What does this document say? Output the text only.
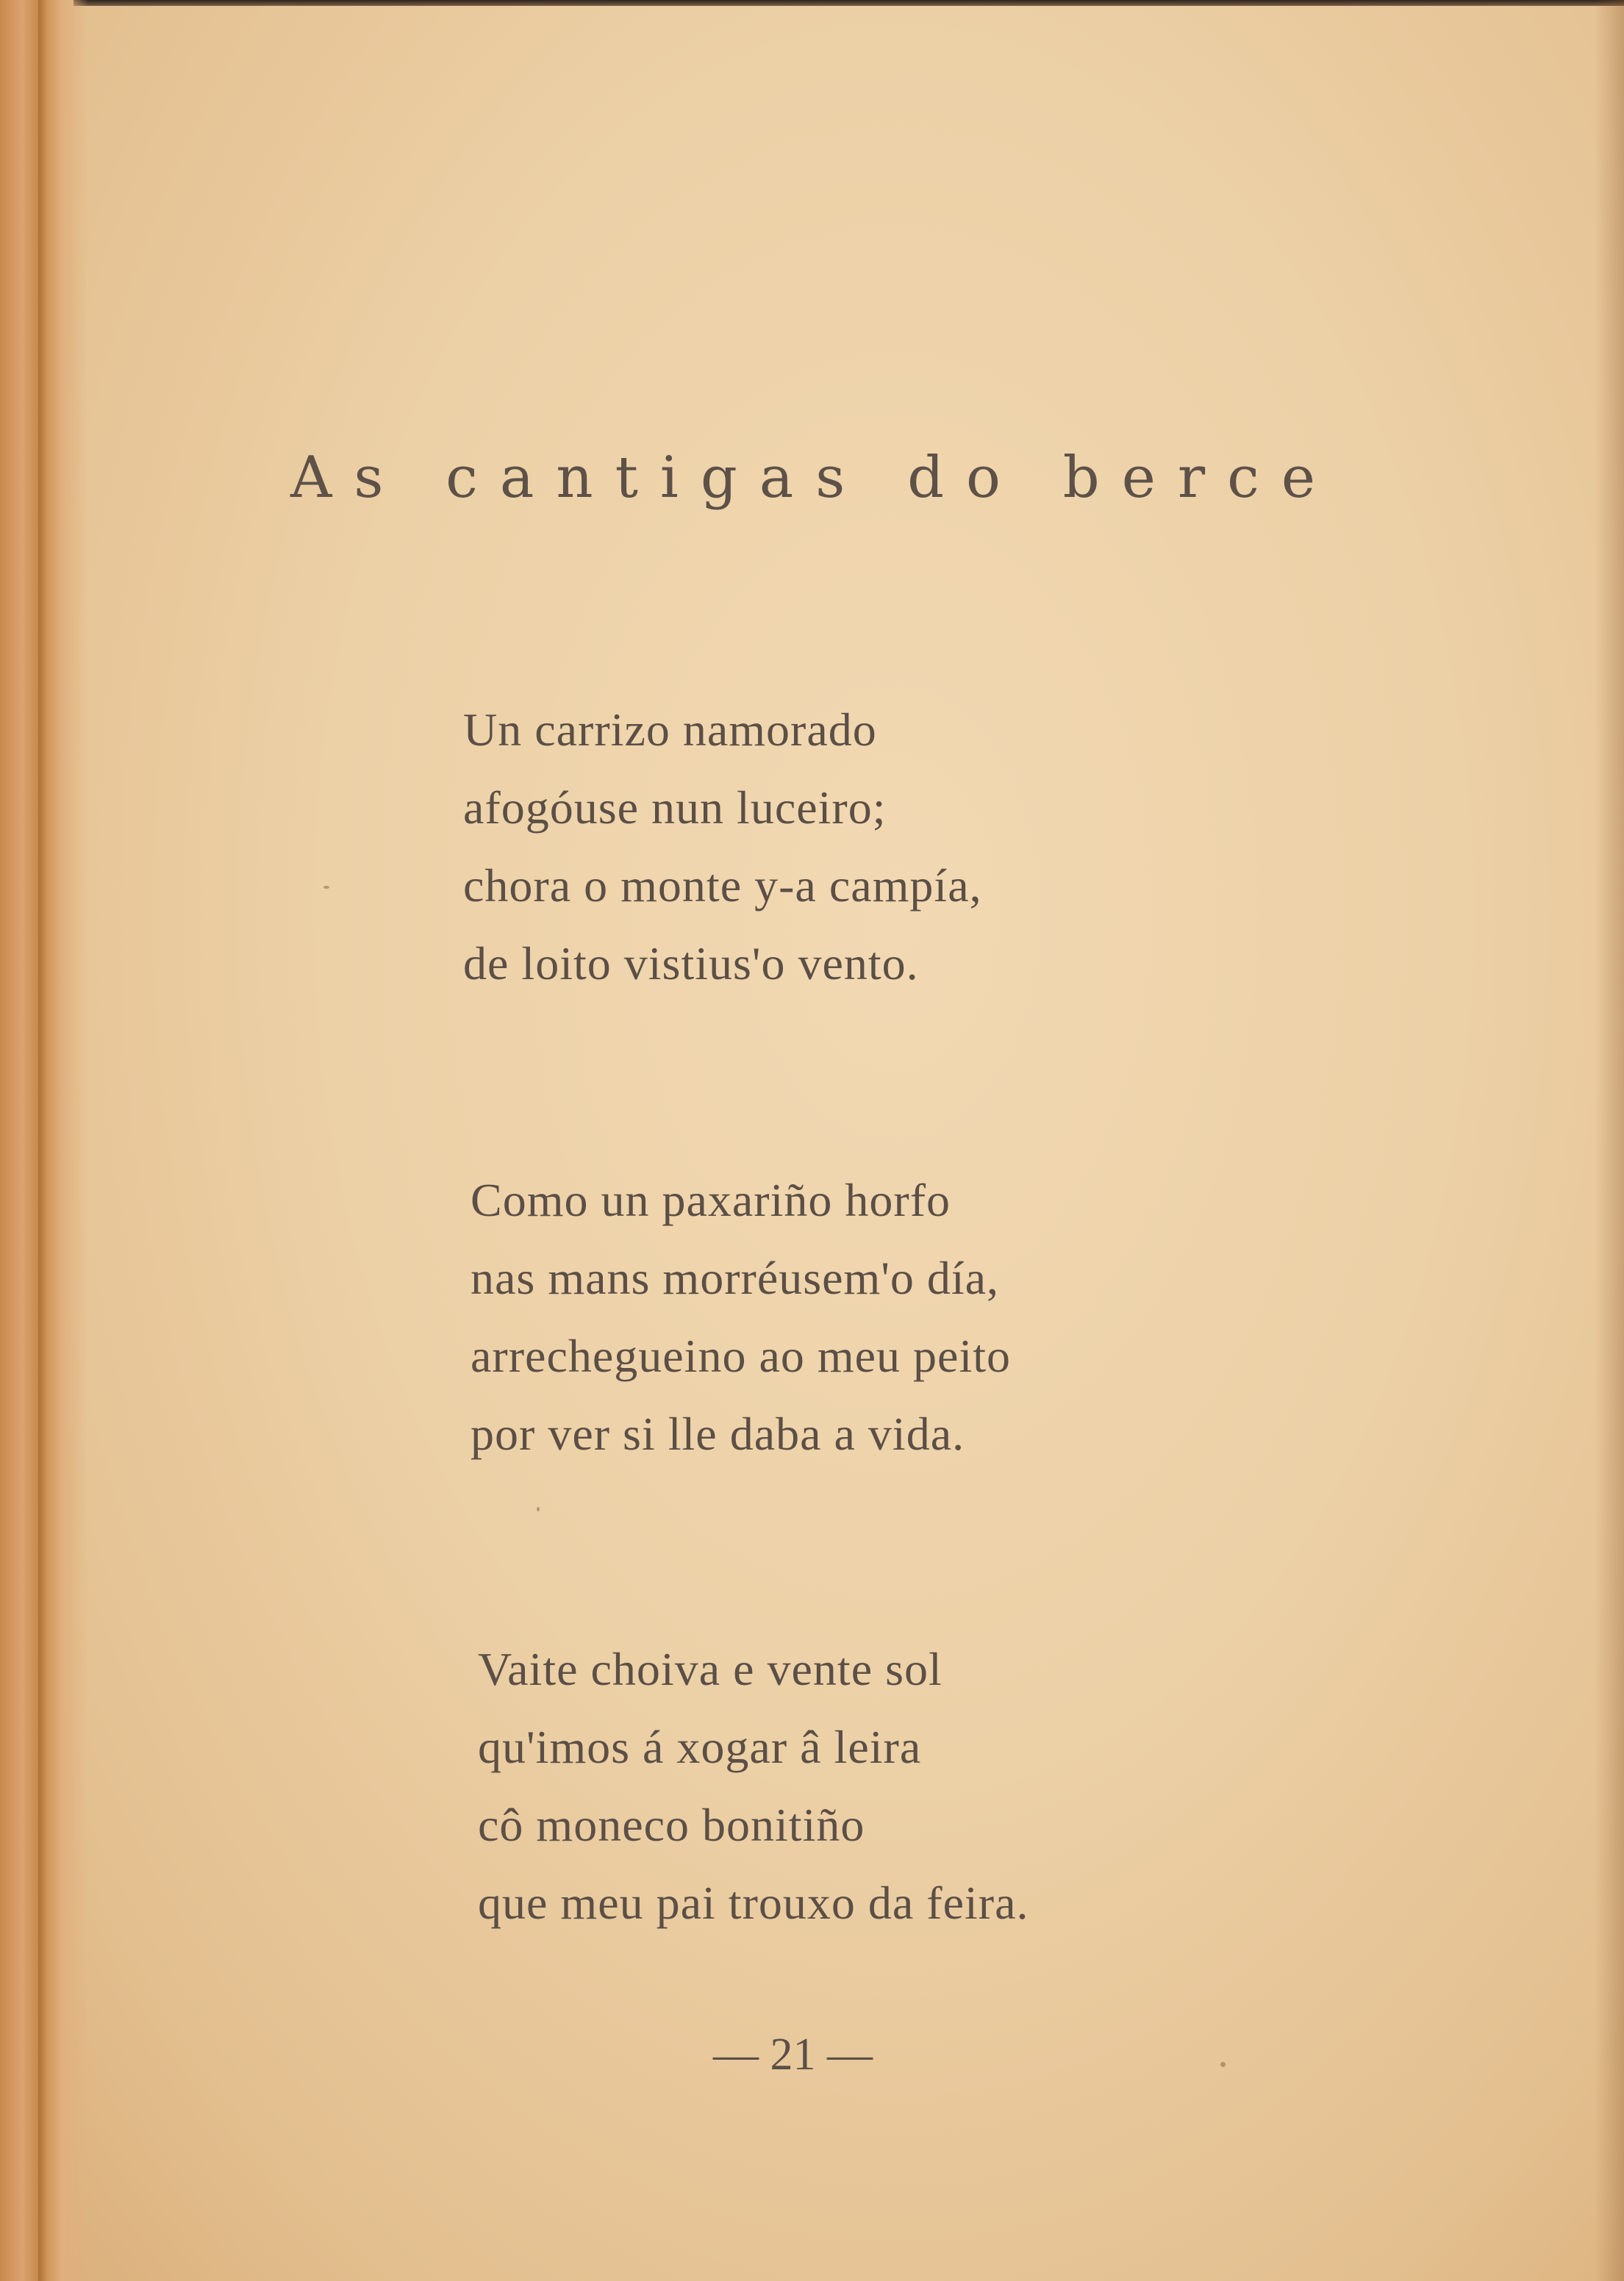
As cantigas do berce
Un carrizo namorado
afogóuse nun luceiro;
chora o monte y-a campía,
de loito vistius'o vento.
Como un paxariño horfo
nas mans morréusem'o día,
arrechegueino ao meu peito
por ver si lle daba a vida.
Vaite choiva e vente sol
qu'imos á xogar â leira
cô moneco bonitiño
que meu pai trouxo da feira.
— 21 —
